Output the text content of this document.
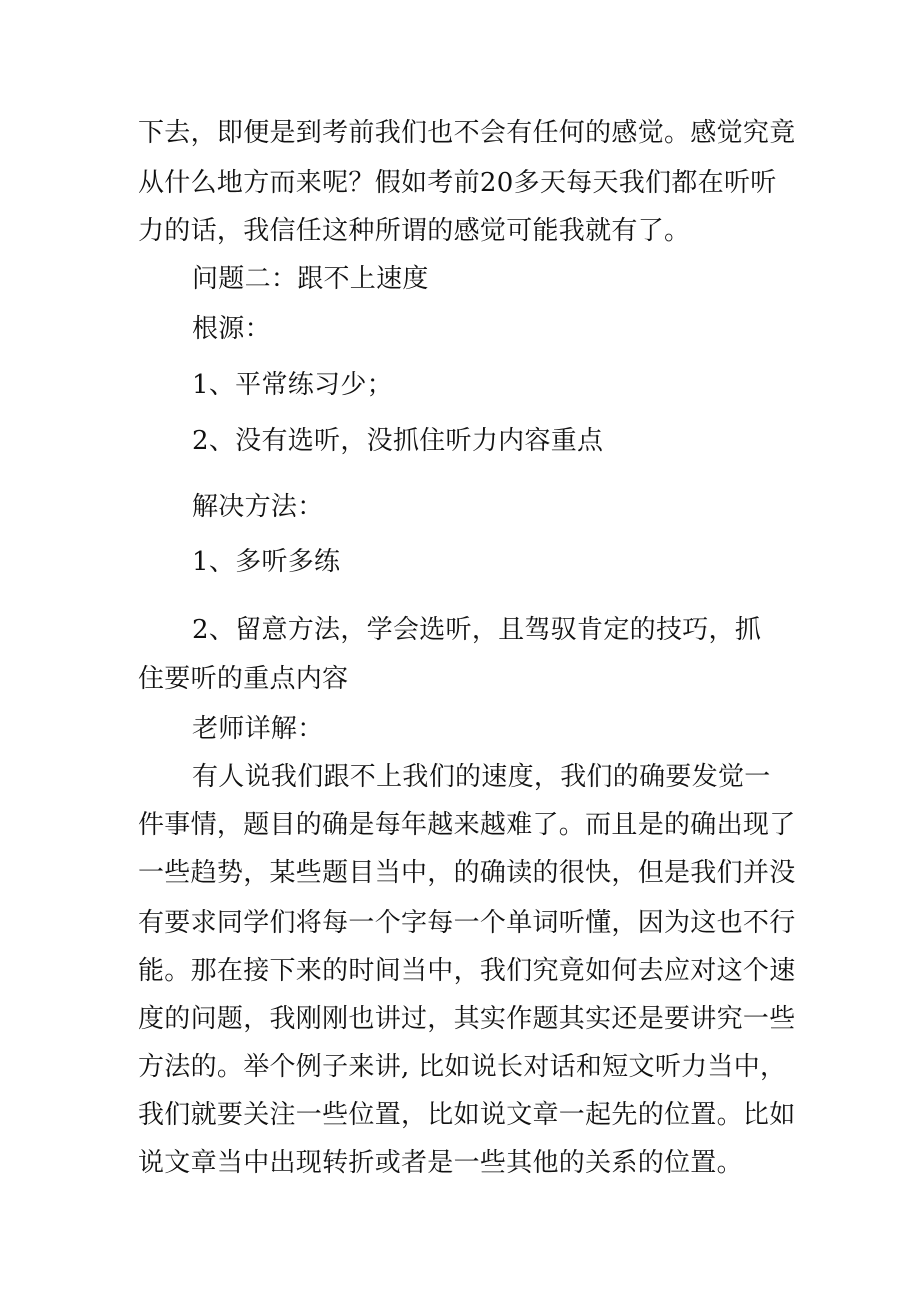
下去，即便是到考前我们也不会有任何的感觉。感觉究竟
从什么地方而来呢？假如考前20多天每天我们都在听听
力的话，我信任这种所谓的感觉可能我就有了。
问题二：跟不上速度
根源：
1、平常练习少；
2、没有选听，没抓住听力内容重点
解决方法：
1、多听多练
2、留意方法，学会选听，且驾驭肯定的技巧，抓
住要听的重点内容
老师详解：
有人说我们跟不上我们的速度，我们的确要发觉一
件事情，题目的确是每年越来越难了。而且是的确出现了
一些趋势，某些题目当中，的确读的很快，但是我们并没
有要求同学们将每一个字每一个单词听懂，因为这也不行
能。那在接下来的时间当中，我们究竟如何去应对这个速
度的问题，我刚刚也讲过，其实作题其实还是要讲究一些
方法的。举个例子来讲, 比如说长对话和短文听力当中，
我们就要关注一些位置，比如说文章一起先的位置。比如
说文章当中出现转折或者是一些其他的关系的位置。
